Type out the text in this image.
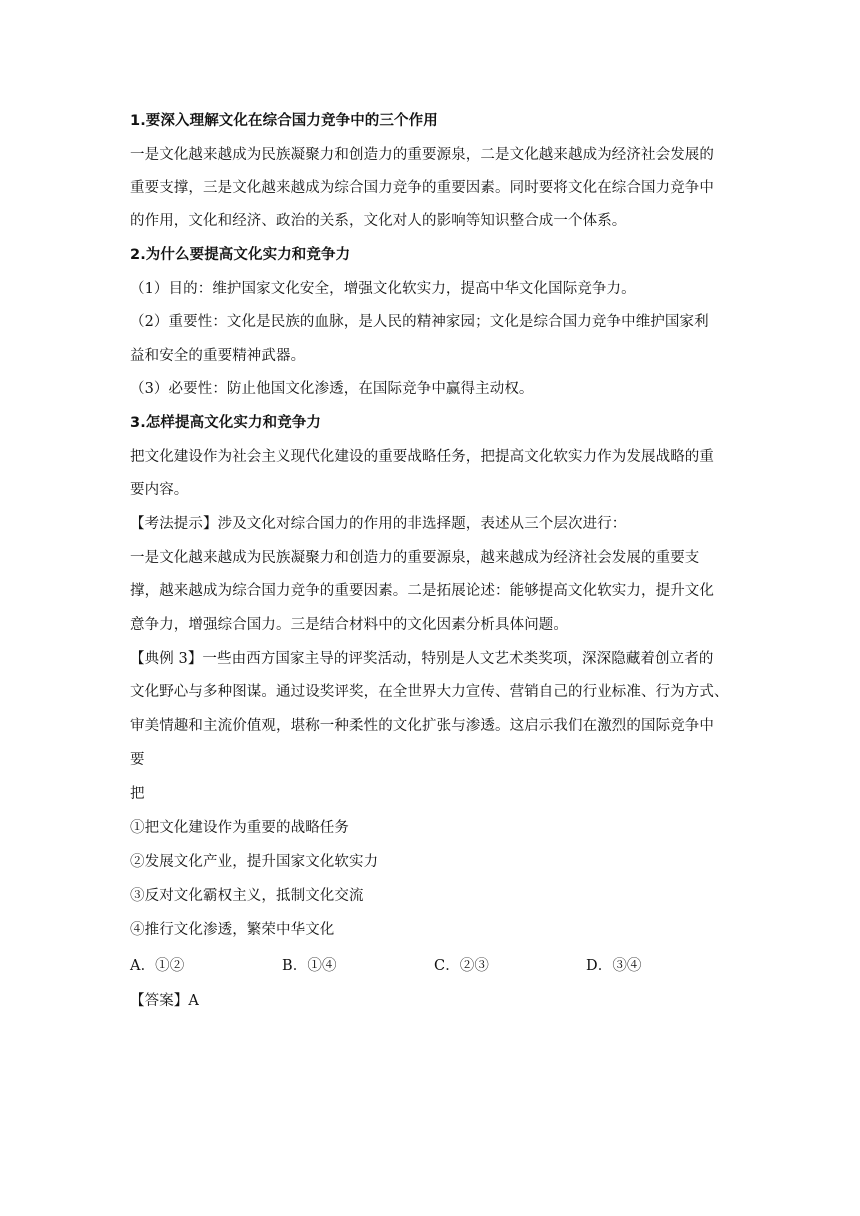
1.要深入理解文化在综合国力竞争中的三个作用
一是文化越来越成为民族凝聚力和创造力的重要源泉，二是文化越来越成为经济社会发展的
重要支撑，三是文化越来越成为综合国力竞争的重要因素。同时要将文化在综合国力竞争中
的作用，文化和经济、政治的关系，文化对人的影响等知识整合成一个体系。
2.为什么要提高文化实力和竞争力
（1）目的：维护国家文化安全，增强文化软实力，提高中华文化国际竞争力。
（2）重要性：文化是民族的血脉，是人民的精神家园；文化是综合国力竞争中维护国家利
益和安全的重要精神武器。
（3）必要性：防止他国文化渗透，在国际竞争中赢得主动权。
3.怎样提高文化实力和竞争力
把文化建设作为社会主义现代化建设的重要战略任务，把提高文化软实力作为发展战略的重
要内容。
【考法提示】涉及文化对综合国力的作用的非选择题，表述从三个层次进行：
一是文化越来越成为民族凝聚力和创造力的重要源泉，越来越成为经济社会发展的重要支
撑，越来越成为综合国力竞争的重要因素。二是拓展论述：能够提高文化软实力，提升文化
意争力，增强综合国力。三是结合材料中的文化因素分析具体问题。
【典例 3】一些由西方国家主导的评奖活动，特别是人文艺术类奖项，深深隐藏着创立者的
文化野心与多种图谋。通过设奖评奖，在全世界大力宣传、营销自己的行业标准、行为方式、
审美情趣和主流价值观，堪称一种柔性的文化扩张与渗透。这启示我们在激烈的国际竞争中
要
把
①把文化建设作为重要的战略任务
②发展文化产业，提升国家文化软实力
③反对文化霸权主义，抵制文化交流
④推行文化渗透，繁荣中华文化
A．①②	B．①④	C．②③	D．③④
【答案】A
